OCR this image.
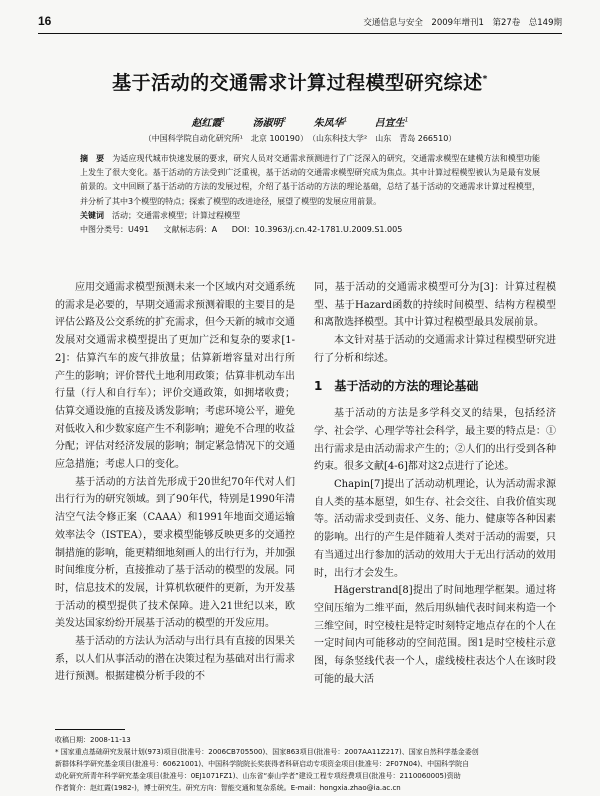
16	交通信息与安全　2009年增刊1　第27卷　总149期
基于活动的交通需求计算过程模型研究综述*
赵红霞$^1$	汤淑明$^2$	朱凤华$^1$	吕宜生$^1$
（中国科学院自动化研究所¹　北京 100190）　（山东科技大学²　山东　青岛 266510）
摘　要　 为适应现代城市快速发展的要求，研究人员对交通需求预测进行了广泛深入的研究，交通需求模型在建模方法和模型功能上发生了很大变化。基于活动的方法受到广泛重视，基于活动的交通需求模型研究成为焦点。其中计算过程模型被认为是最有发展前景的。文中回顾了基于活动的方法的发展过程，介绍了基于活动的方法的理论基础，总结了基于活动的交通需求计算过程模型，并分析了其中3个模型的特点；探索了模型的改进途径，展望了模型的发展应用前景。
关键词　 活动；交通需求模型；计算过程模型
中图分类号：U491 文献标志码：A DOI：10.3963/j.cn.42-1781.U.2009.S1.005

应用交通需求模型预测未来一个区域内对交通系统的需求是必要的，早期交通需求预测着眼的主要目的是评估公路及公交系统的扩充需求，但今天新的城市交通发展对交通需求模型提出了更加广泛和复杂的要求[1-2]：估算汽车的废气排放量；估算新增容量对出行所产生的影响；评价替代土地利用政策；估算非机动车出行量（行人和自行车）；评价交通政策，如拥堵收费；估算交通设施的直接及诱发影响；考虑环境公平，避免对低收入和少数家庭产生不利影响；避免不合理的收益分配；评估对经济发展的影响；制定紧急情况下的交通应急措施；考虑人口的变化。

基于活动的方法首先形成于20世纪70年代对人们出行行为的研究领域。到了90年代，特别是1990年清洁空气法令修正案（CAAA）和1991年地面交通运输效率法令（ISTEA），要求模型能够反映更多的交通控制措施的影响，能更精细地刻画人的出行行为，并加强时间维度分析，直接推动了基于活动的模型的发展。同时，信息技术的发展，计算机软硬件的更新，为开发基于活动的模型提供了技术保障。进入21世纪以来，欧美发达国家纷纷开展基于活动的模型的开发应用。

基于活动的方法认为活动与出行具有直接的因果关系，以人们从事活动的潜在决策过程为基础对出行需求进行预测。根据建模分析手段的不

同，基于活动的交通需求模型可分为[3]：计算过程模型、基于Hazard函数的持续时间模型、结构方程模型和离散选择模型。其中计算过程模型最具发展前景。

本文针对基于活动的交通需求计算过程模型研究进行了分析和综述。

1　基于活动的方法的理论基础

基于活动的方法是多学科交叉的结果，包括经济学、社会学、心理学等社会科学，最主要的特点是：①出行需求是由活动需求产生的；②人们的出行受到各种约束。很多文献[4-6]都对这2点进行了论述。

Chapin[7]提出了活动动机理论，认为活动需求源自人类的基本愿望，如生存、社会交往、自我价值实现等。活动需求受到责任、义务、能力、健康等各种因素的影响。出行的产生是伴随着人类对于活动的需要，只有当通过出行参加的活动的效用大于无出行活动的效用时，出行才会发生。

Hägerstrand[8]提出了时间地理学框架。通过将空间压缩为二维平面，然后用纵轴代表时间来构造一个三维空间，时空棱柱是特定时刻特定地点存在的个人在一定时间内可能移动的空间范围。图1是时空棱柱示意图，每条竖线代表一个人，虚线棱柱表达个人在该时段可能的最大活

收稿日期：2008-11-13
* 国家重点基础研究发展计划(973)项目(批准号：2006CB705500)、国家863项目(批准号：2007AA11Z217)、国家自然科学基金委创
新群体科学研究基金项目(批准号：60621001)、中国科学院院长奖获得者科研启动专项资金项目(批准号：2F07N04)、中国科学院自
动化研究所青年科学研究基金项目(批准号：0EJ1071FZ1)、山东省“泰山学者”建设工程专项经费项目(批准号：2110060005)资助
作者简介：赵红霞(1982-)，博士研究生。研究方向：智能交通和复杂系统。E-mail：hongxia.zhao@ia.ac.cn
